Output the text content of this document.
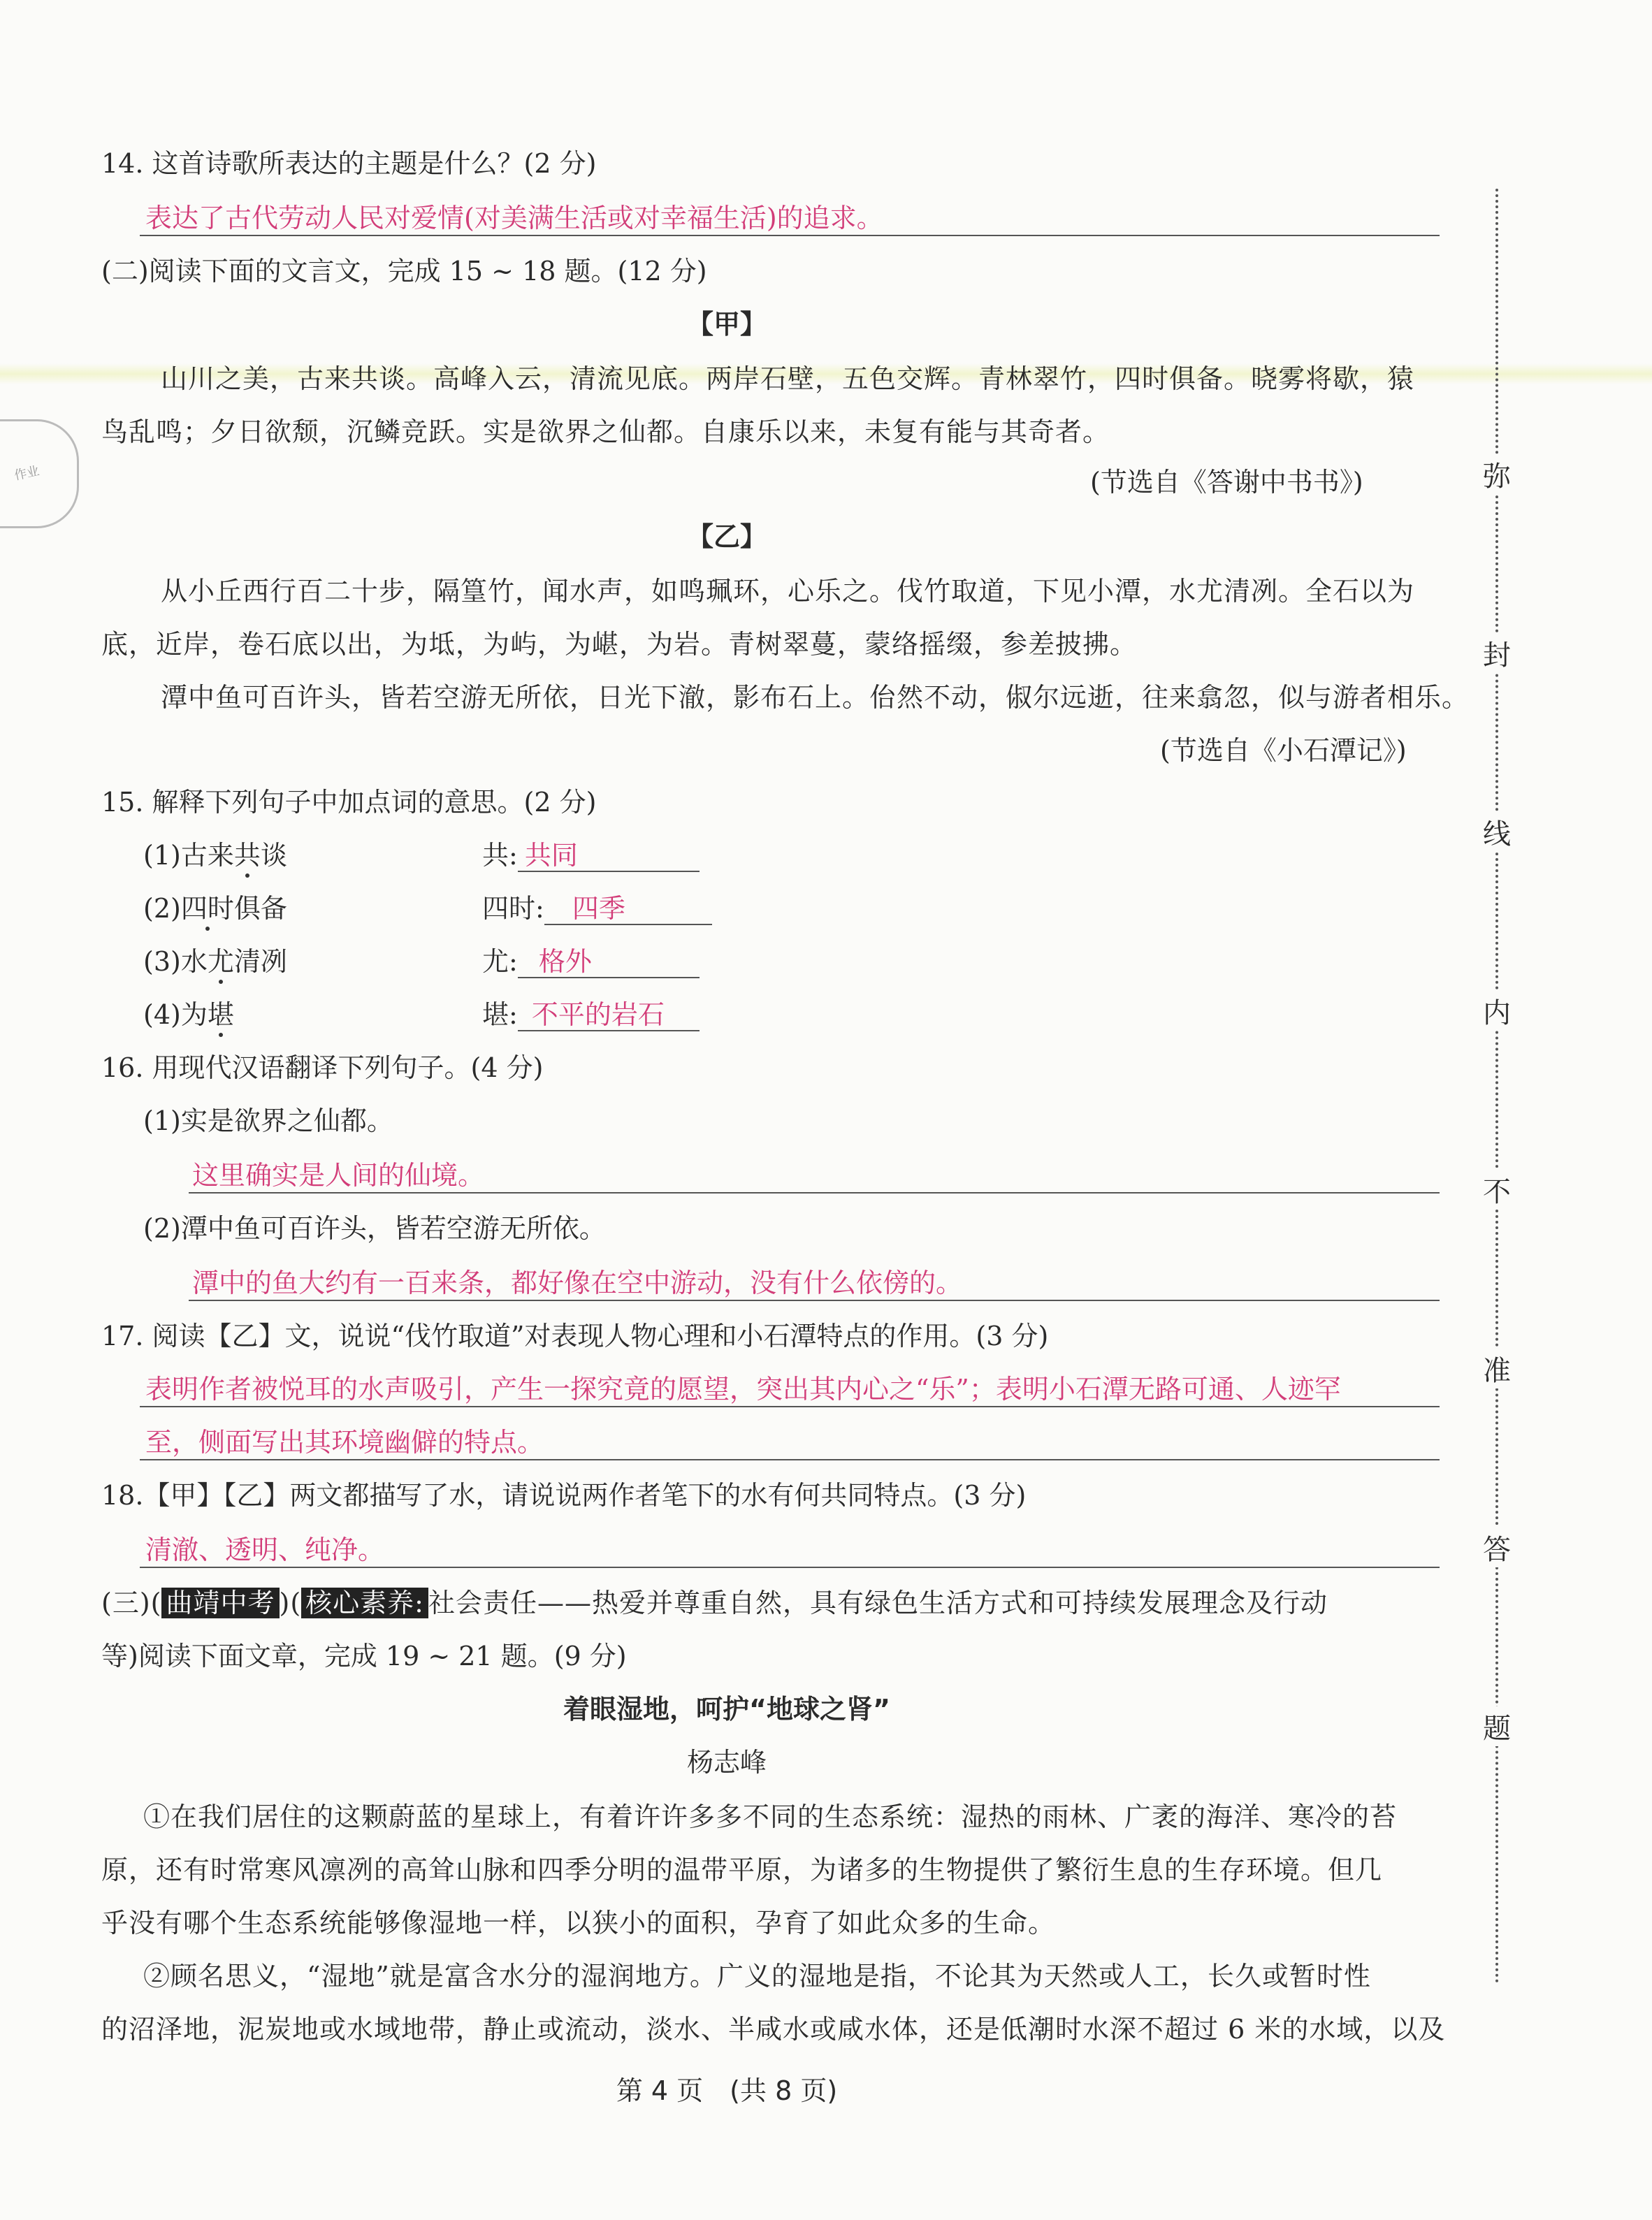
作业
14. 这首诗歌所表达的主题是什么？(2 分)
表达了古代劳动人民对爱情(对美满生活或对幸福生活)的追求。
(二)阅读下面的文言文，完成 15 ~ 18 题。(12 分)
【甲】
山川之美，古来共谈。高峰入云，清流见底。两岸石壁，五色交辉。青林翠竹，四时俱备。晓雾将歇，猿
鸟乱鸣；夕日欲颓，沉鳞竞跃。实是欲界之仙都。自康乐以来，未复有能与其奇者。
(节选自《答谢中书书》)
【乙】
从小丘西行百二十步，隔篁竹，闻水声，如鸣珮环，心乐之。伐竹取道，下见小潭，水尤清冽。全石以为
底，近岸，卷石底以出，为坻，为屿，为嵁，为岩。青树翠蔓，蒙络摇缀，参差披拂。
潭中鱼可百许头，皆若空游无所依，日光下澈，影布石上。佁然不动，俶尔远逝，往来翕忽，似与游者相乐。
(节选自《小石潭记》)
15. 解释下列句子中加点词的意思。(2 分)
(1)古来共谈	共: 共同
(2)四时俱备	四时: 四季
(3)水尤清冽	尤: 格外
(4)为堪	堪: 不平的岩石
16. 用现代汉语翻译下列句子。(4 分)
(1)实是欲界之仙都。
这里确实是人间的仙境。
(2)潭中鱼可百许头，皆若空游无所依。
潭中的鱼大约有一百来条，都好像在空中游动，没有什么依傍的。
17. 阅读【乙】文，说说“伐竹取道”对表现人物心理和小石潭特点的作用。(3 分)
表明作者被悦耳的水声吸引，产生一探究竟的愿望，突出其内心之“乐”；表明小石潭无路可通、人迹罕
至，侧面写出其环境幽僻的特点。
18.【甲】【乙】两文都描写了水，请说说两作者笔下的水有何共同特点。(3 分)
清澈、透明、纯净。
(三)( 曲靖中考 )( 核心素养: 社会责任——热爱并尊重自然，具有绿色生活方式和可持续发展理念及行动
等)阅读下面文章，完成 19 ~ 21 题。(9 分)
着眼湿地，呵护“地球之肾”
杨志峰
①在我们居住的这颗蔚蓝的星球上，有着许许多多不同的生态系统：湿热的雨林、广袤的海洋、寒冷的苔
原，还有时常寒风凛冽的高耸山脉和四季分明的温带平原，为诸多的生物提供了繁衍生息的生存环境。但几
乎没有哪个生态系统能够像湿地一样，以狭小的面积，孕育了如此众多的生命。
②顾名思义，“湿地”就是富含水分的湿润地方。广义的湿地是指，不论其为天然或人工，长久或暂时性
的沼泽地，泥炭地或水域地带，静止或流动，淡水、半咸水或咸水体，还是低潮时水深不超过 6 米的水域，以及
第 4 页　(共 8 页)
弥
封
线
内
不
准
答
题
